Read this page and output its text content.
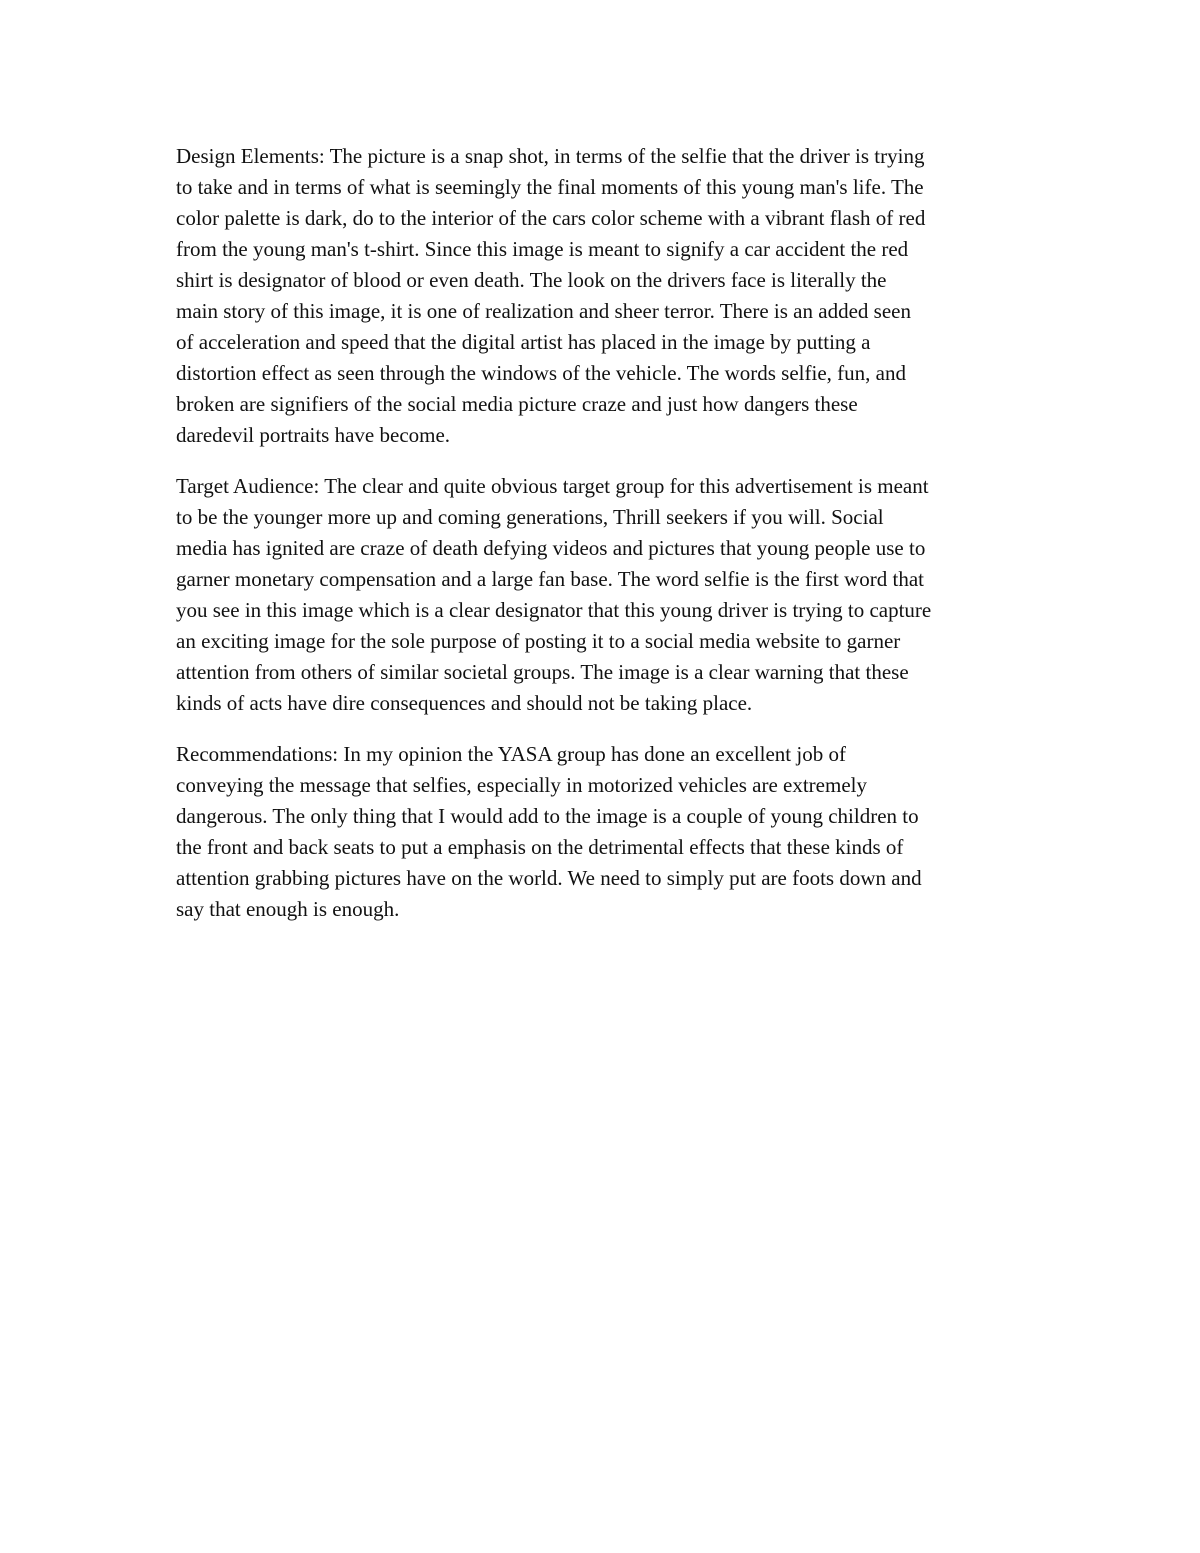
Design Elements: The picture is a snap shot, in terms of the selfie that the driver is trying
to take and in terms of what is seemingly the final moments of this young man's life. The
color palette is dark, do to the interior of the cars color scheme with a vibrant flash of red
from the young man's t-shirt. Since this image is meant to signify a car accident the red
shirt is designator of blood or even death. The look on the drivers face is literally the
main story of this image, it is one of realization and sheer terror. There is an added seen
of acceleration and speed that the digital artist has placed in the image by putting a
distortion effect as seen through the windows of the vehicle. The words selfie, fun, and
broken are signifiers of the social media picture craze and just how dangers these
daredevil portraits have become.

Target Audience: The clear and quite obvious target group for this advertisement is meant
to be the younger more up and coming generations, Thrill seekers if you will. Social
media has ignited are craze of death defying videos and pictures that young people use to
garner monetary compensation and a large fan base. The word selfie is the first word that
you see in this image which is a clear designator that this young driver is trying to capture
an exciting image for the sole purpose of posting it to a social media website to garner
attention from others of similar societal groups. The image is a clear warning that these
kinds of acts have dire consequences and should not be taking place.

Recommendations: In my opinion the YASA group has done an excellent job of
conveying the message that selfies, especially in motorized vehicles are extremely
dangerous. The only thing that I would add to the image is a couple of young children to
the front and back seats to put a emphasis on the detrimental effects that these kinds of
attention grabbing pictures have on the world. We need to simply put are foots down and
say that enough is enough.
